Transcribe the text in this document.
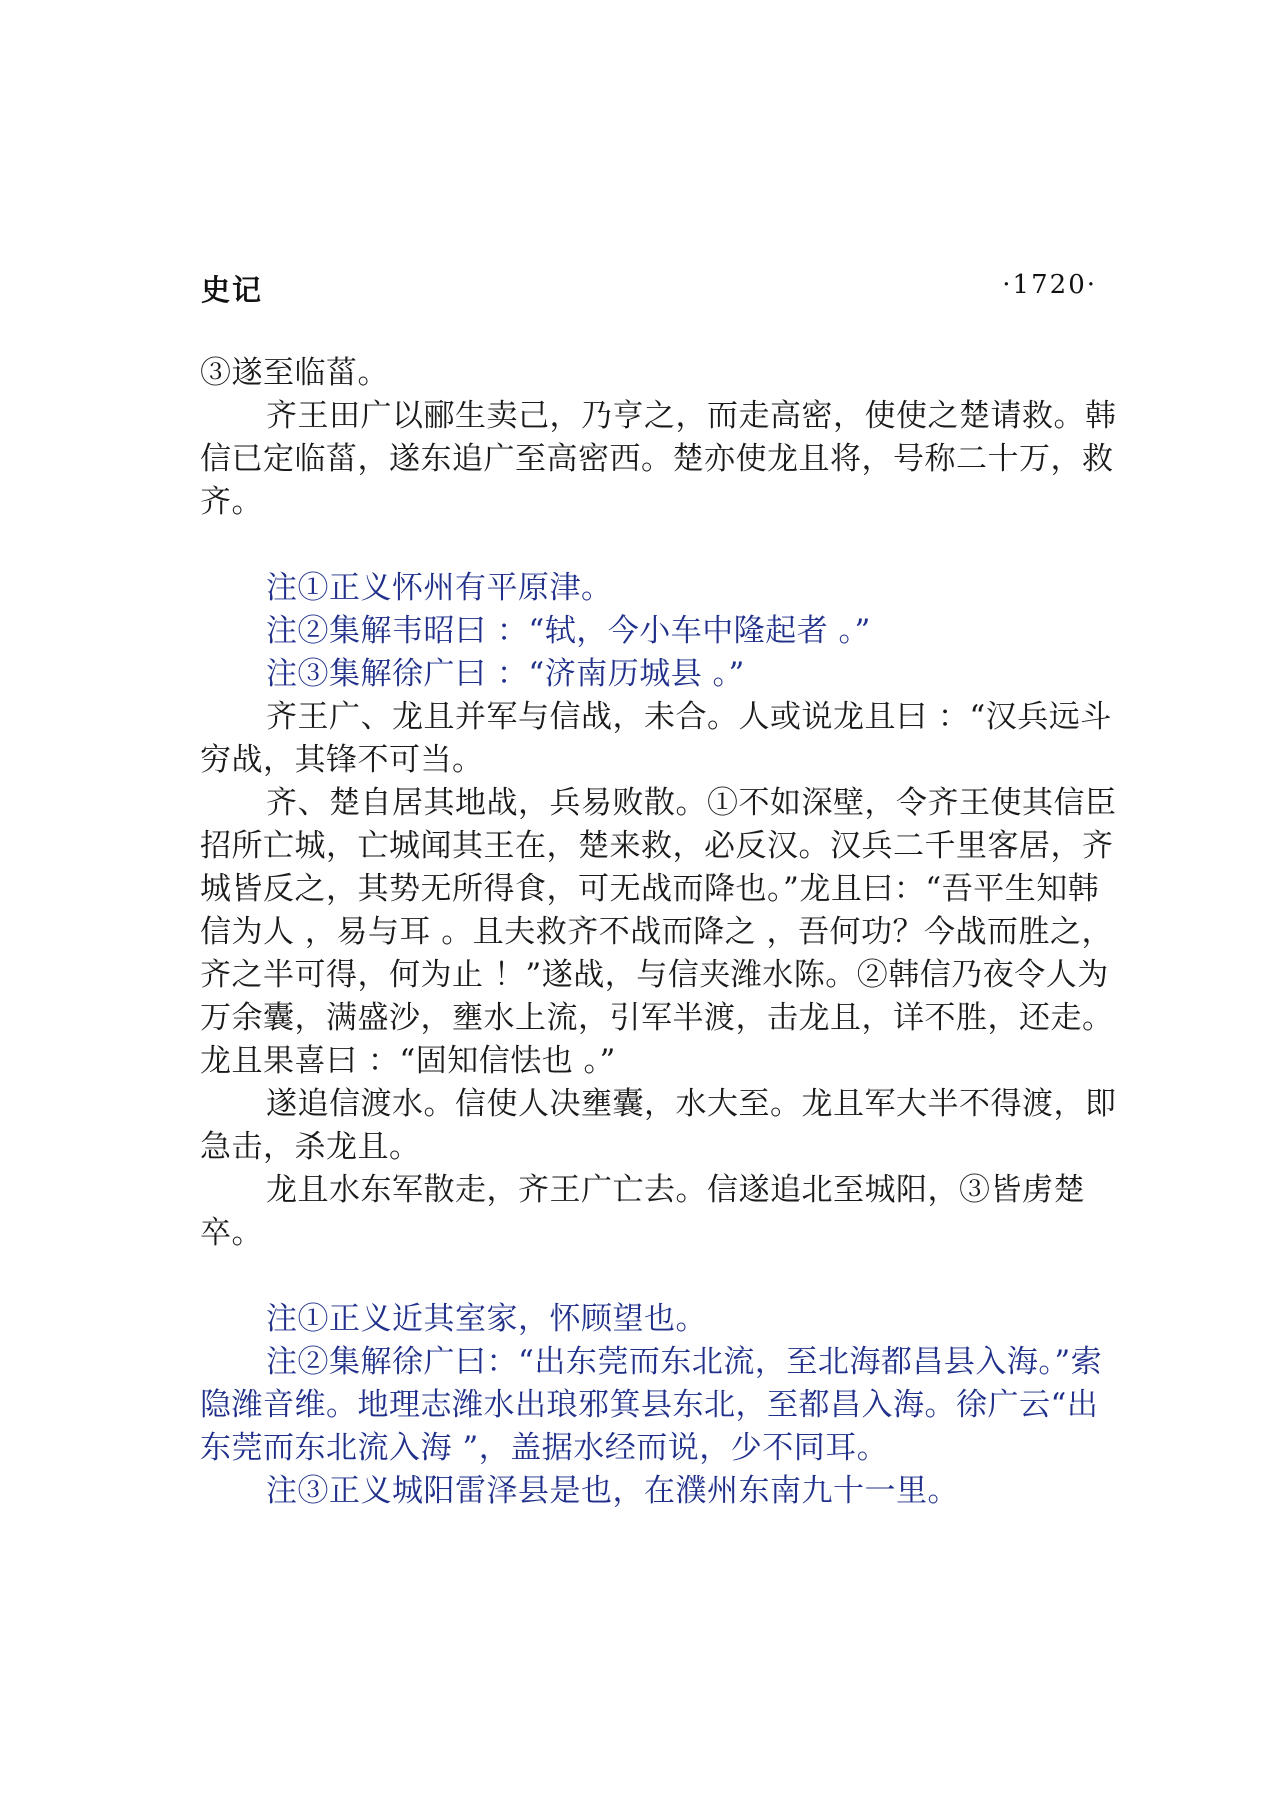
史记	·1720·

③遂至临菑。

齐王田广以郦生卖己，乃亨之，而走高密，使使之楚请救。韩信已定临菑，遂东追广至高密西。楚亦使龙且将，号称二十万，救齐。

注①正义怀州有平原津。

注②集解韦昭曰 ：“轼，今小车中隆起者 。”

注③集解徐广曰 ：“济南历城县 。”

齐王广、龙且并军与信战，未合。人或说龙且曰 ：“汉兵远斗穷战，其锋不可当。

齐、楚自居其地战，兵易败散。①不如深壁，令齐王使其信臣招所亡城，亡城闻其王在，楚来救，必反汉。汉兵二千里客居，齐城皆反之，其势无所得食，可无战而降也。”龙且曰：“吾平生知韩信为人 ，易与耳 。且夫救齐不战而降之 ，吾何功？今战而胜之，齐之半可得，何为止 ！”遂战，与信夹潍水陈。②韩信乃夜令人为万余囊，满盛沙，壅水上流，引军半渡，击龙且，详不胜，还走。龙且果喜曰 ：“固知信怯也 。”

遂追信渡水。信使人决壅囊，水大至。龙且军大半不得渡，即急击，杀龙且。

龙且水东军散走，齐王广亡去。信遂追北至城阳，③皆虏楚卒。

注①正义近其室家，怀顾望也。

注②集解徐广曰：“出东莞而东北流，至北海都昌县入海。”索隐潍音维。地理志潍水出琅邪箕县东北，至都昌入海。徐广云“出东莞而东北流入海 ”，盖据水经而说，少不同耳。

注③正义城阳雷泽县是也，在濮州东南九十一里。
